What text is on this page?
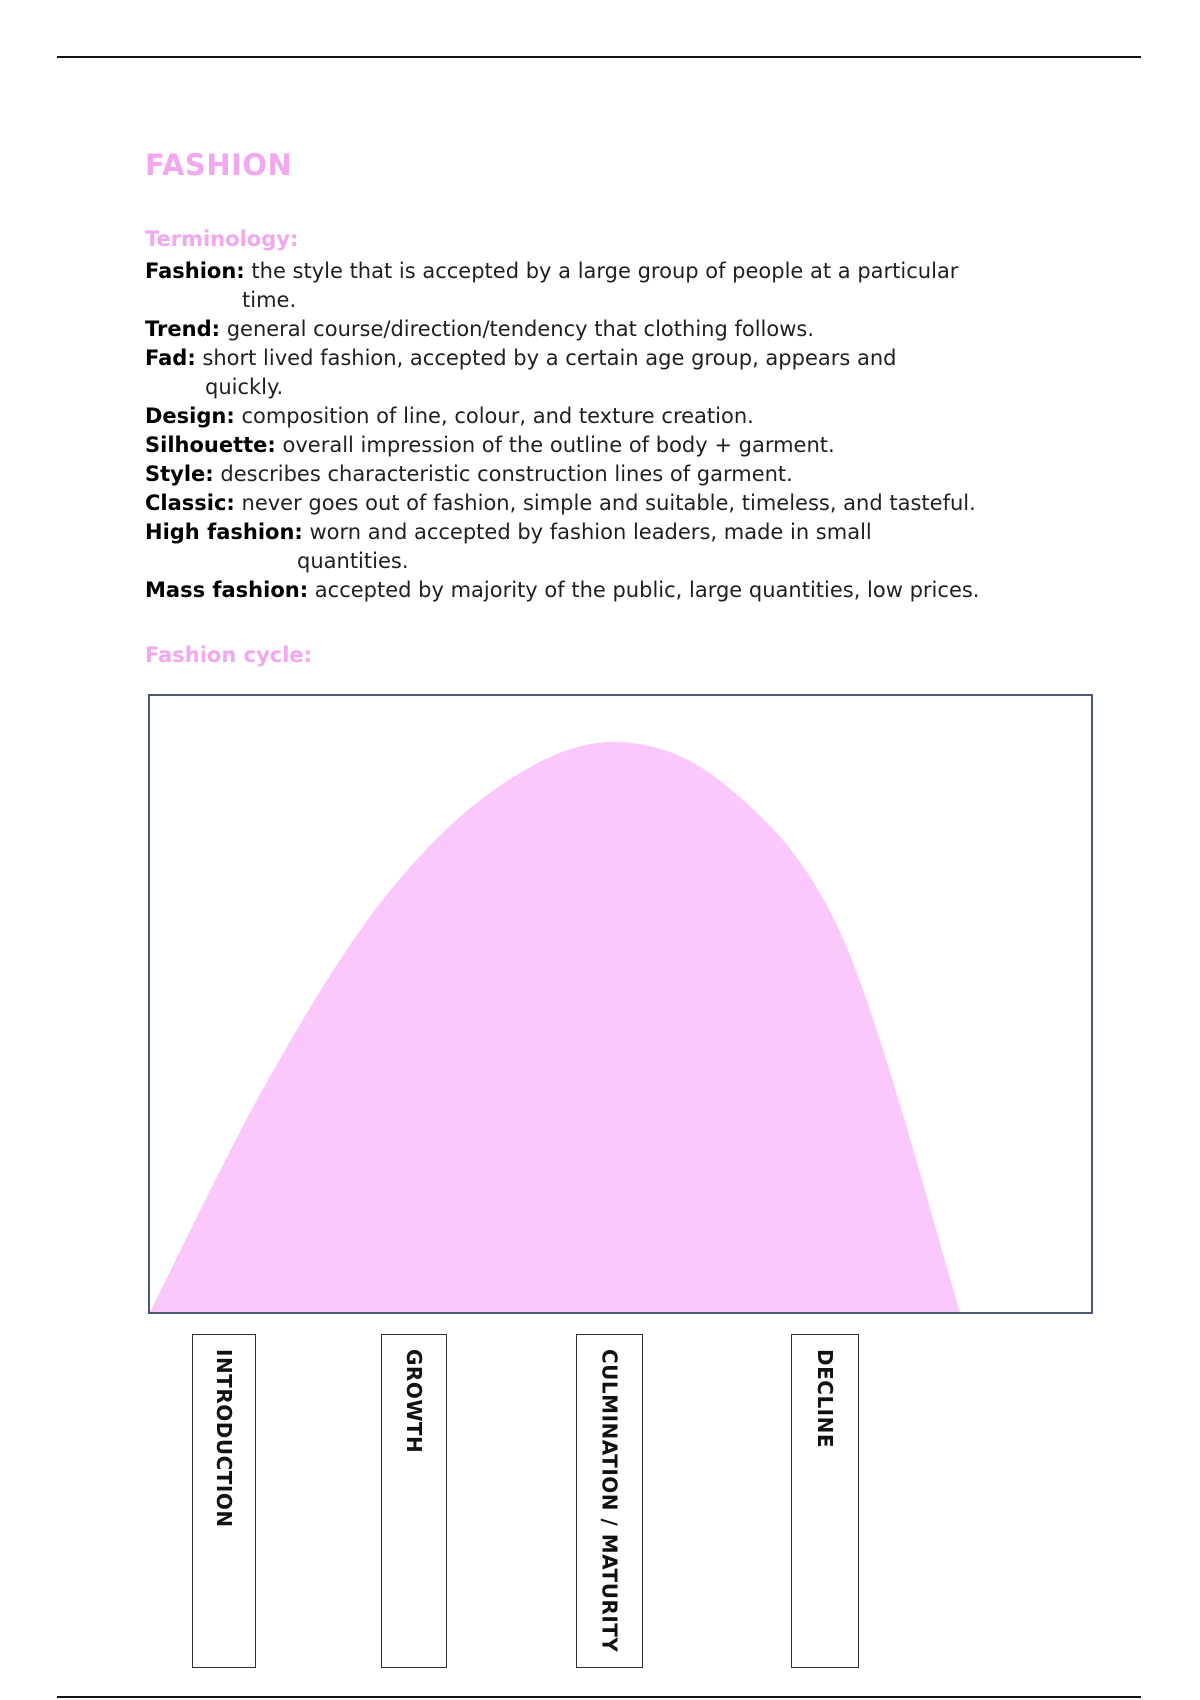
FASHION
Terminology:
Fashion: the style that is accepted by a large group of people at a particular
time.
Trend: general course/direction/tendency that clothing follows.
Fad: short lived fashion, accepted by a certain age group, appears and
quickly.
Design: composition of line, colour, and texture creation.
Silhouette: overall impression of the outline of body + garment.
Style: describes characteristic construction lines of garment.
Classic: never goes out of fashion, simple and suitable, timeless, and tasteful.
High fashion: worn and accepted by fashion leaders, made in small
quantities.
Mass fashion: accepted by majority of the public, large quantities, low prices.
Fashion cycle:
INTRODUCTION	GROWTH	CULMINATION / MATURITY	DECLINE
